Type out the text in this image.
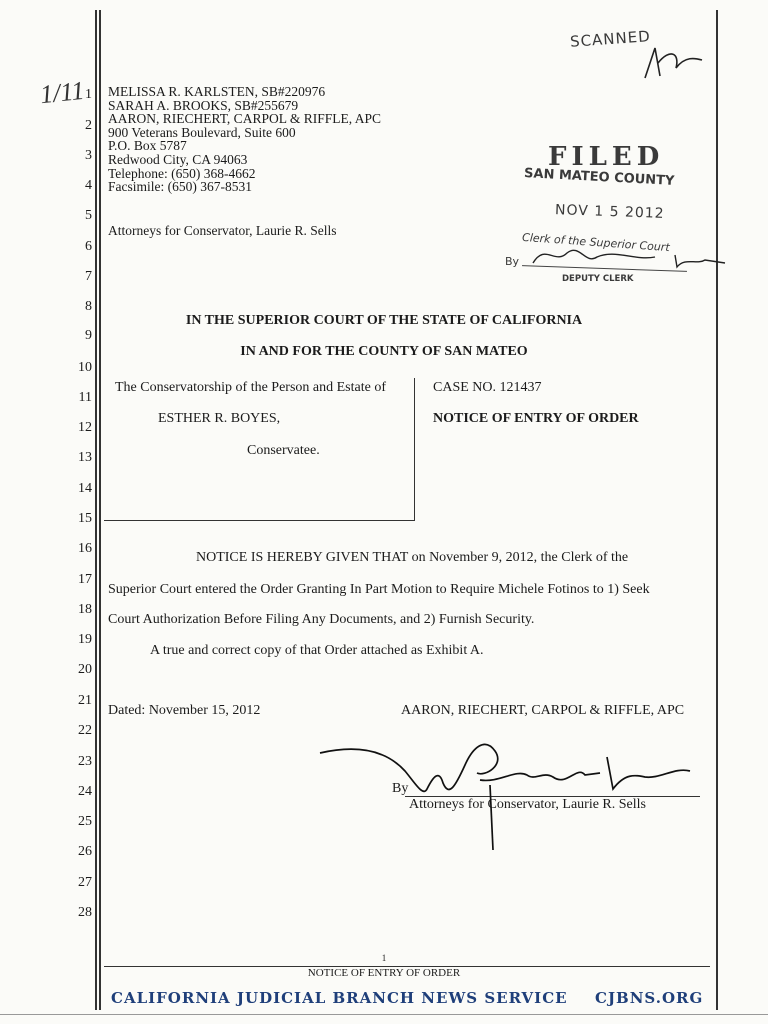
1/11 1
2
3
4
5
6
7
8
9
10
11
12
13
14
15
16
17
18
19
20
21
22
23
24
25
26
27
28
MELISSA R. KARLSTEN, SB#220976
SARAH A. BROOKS, SB#255679
AARON, RIECHERT, CARPOL & RIFFLE, APC
900 Veterans Boulevard, Suite 600
P.O. Box 5787
Redwood City, CA 94063
Telephone: (650) 368-4662
Facsimile: (650) 367-8531
Attorneys for Conservator, Laurie R. Sells
SCANNED
FILED
SAN MATEO COUNTY
NOV 1 5 2012
Clerk of the Superior Court
By
DEPUTY CLERK
IN THE SUPERIOR COURT OF THE STATE OF CALIFORNIA
IN AND FOR THE COUNTY OF SAN MATEO
The Conservatorship of the Person and Estate of
ESTHER R. BOYES,
Conservatee.
CASE NO. 121437
NOTICE OF ENTRY OF ORDER
NOTICE IS HEREBY GIVEN THAT on November 9, 2012, the Clerk of the
Superior Court entered the Order Granting In Part Motion to Require Michele Fotinos to 1) Seek
Court Authorization Before Filing Any Documents, and 2) Furnish Security.
A true and correct copy of that Order attached as Exhibit A.
Dated: November 15, 2012	AARON, RIECHERT, CARPOL & RIFFLE, APC
By
Attorneys for Conservator, Laurie R. Sells
1
NOTICE OF ENTRY OF ORDER
CALIFORNIA JUDICIAL BRANCH NEWS SERVICE CJBNS.ORG
